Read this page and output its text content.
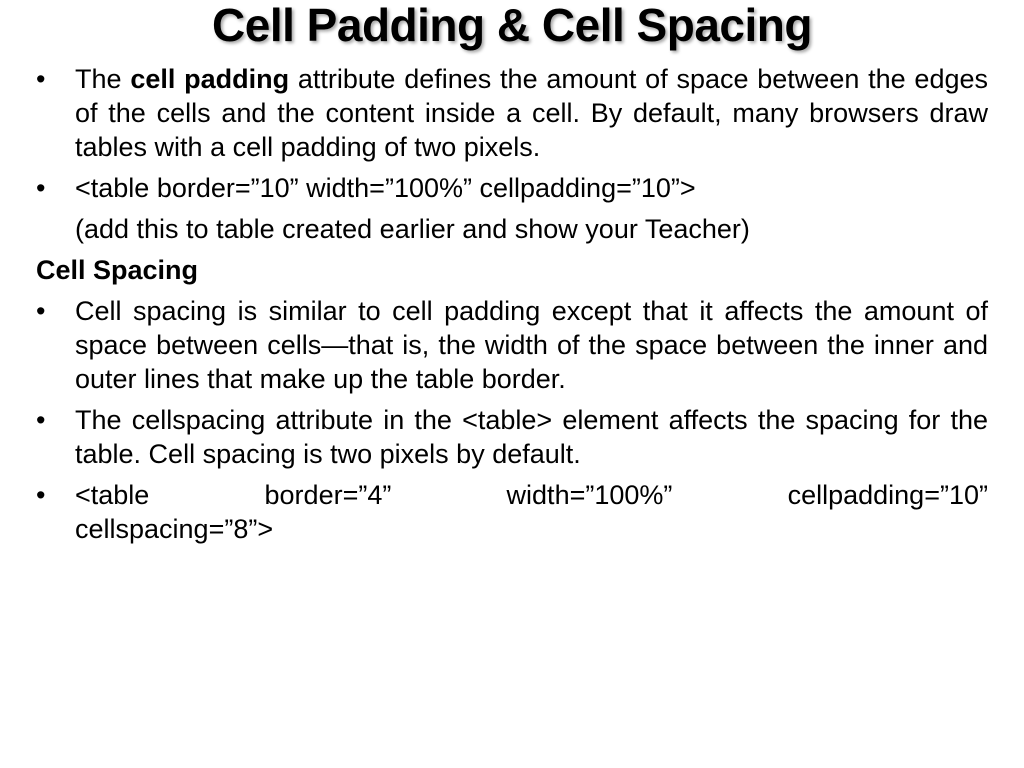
Cell Padding & Cell Spacing

• The cell padding attribute defines the amount of space between the edges of the cells and the content inside a cell. By default, many browsers draw tables with a cell padding of two pixels.

• <table border=”10” width=”100%” cellpadding=”10”>

(add this to table created earlier and show your Teacher)

Cell Spacing

• Cell spacing is similar to cell padding except that it affects the amount of space between cells—that is, the width of the space between the inner and outer lines that make up the table border.

• The cellspacing attribute in the <table> element affects the spacing for the table. Cell spacing is two pixels by default.

• <table border=”4” width=”100%” cellpadding=”10”
cellspacing=”8”>
